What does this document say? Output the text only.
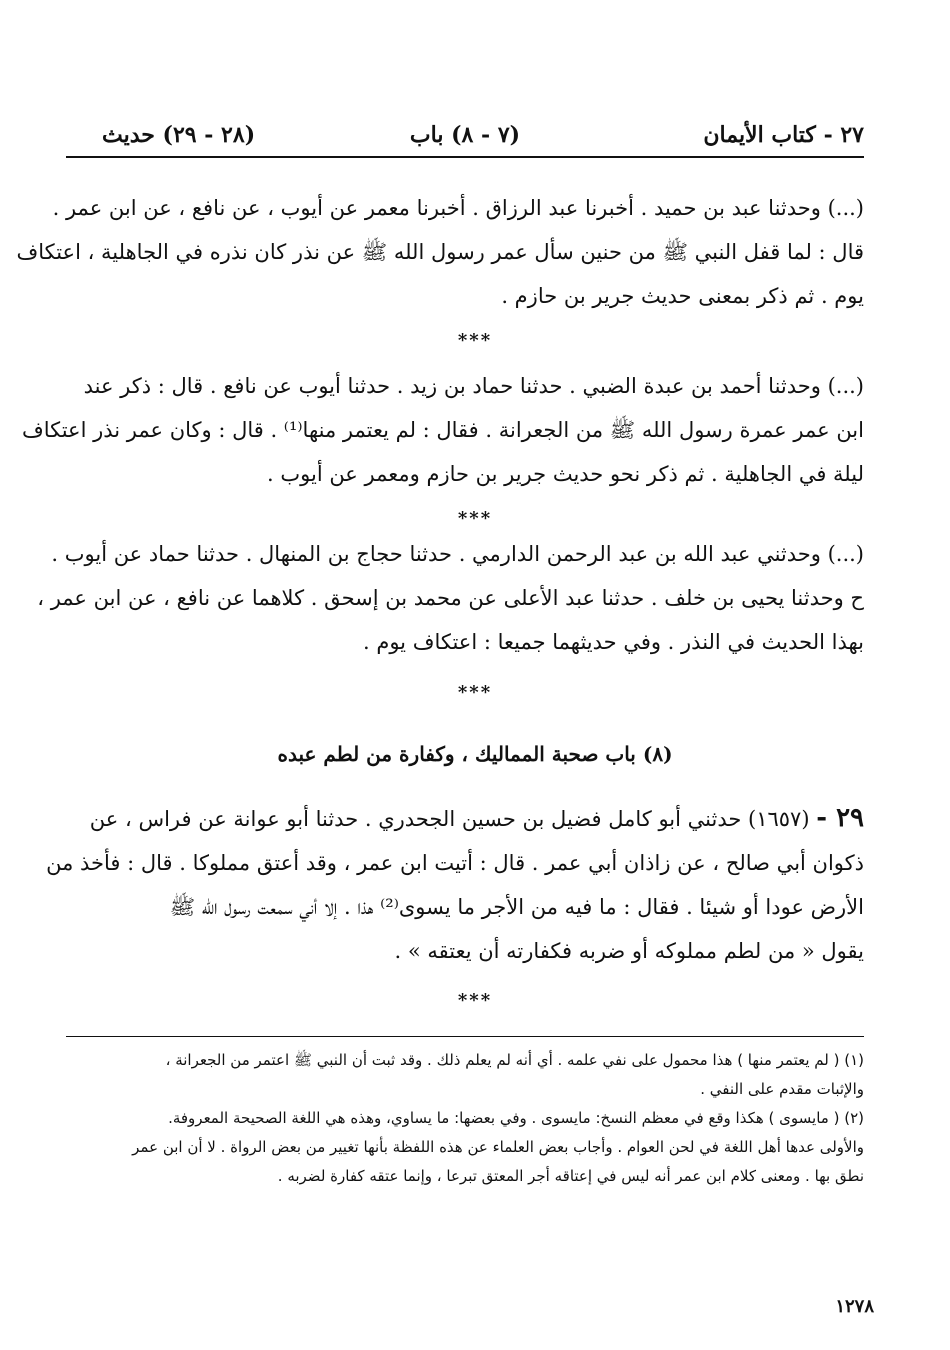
٢٧ - كتاب الأيمان
(٧ - ٨) باب
(٢٨ - ٢٩) حديث
(...) وحدثنا عبد بن حميد . أخبرنا عبد الرزاق . أخبرنا معمر عن أيوب ، عن نافع ، عن ابن عمر .
قال : لما قفل النبي ﷺ من حنين سأل عمر رسول الله ﷺ عن نذر كان نذره في الجاهلية ، اعتكاف
يوم . ثم ذكر بمعنى حديث جرير بن حازم .
***
(...) وحدثنا أحمد بن عبدة الضبي . حدثنا حماد بن زيد . حدثنا أيوب عن نافع . قال : ذكر عند
ابن عمر عمرة رسول الله ﷺ من الجعرانة . فقال : لم يعتمر منها⁽¹⁾ . قال : وكان عمر نذر اعتكاف
ليلة في الجاهلية . ثم ذكر نحو حديث جرير بن حازم ومعمر عن أيوب .
***
(...) وحدثني عبد الله بن عبد الرحمن الدارمي . حدثنا حجاج بن المنهال . حدثنا حماد عن أيوب .
ح وحدثنا يحيى بن خلف . حدثنا عبد الأعلى عن محمد بن إسحق . كلاهما عن نافع ، عن ابن عمر ،
بهذا الحديث في النذر . وفي حديثهما جميعا : اعتكاف يوم .
***
(٨) باب صحبة المماليك ، وكفارة من لطم عبده
٢٩ - (١٦٥٧) حدثني أبو كامل فضيل بن حسين الجحدري . حدثنا أبو عوانة عن فراس ، عن
ذكوان أبي صالح ، عن زاذان أبي عمر . قال : أتيت ابن عمر ، وقد أعتق مملوكا . قال : فأخذ من
الأرض عودا أو شيئا . فقال : ما فيه من الأجر ما يسوى⁽²⁾ هذا . إلا أني سمعت رسول الله ﷺ
يقول « من لطم مملوكه أو ضربه فكفارته أن يعتقه » .
***
(١) ( لم يعتمر منها ) هذا محمول على نفي علمه . أي أنه لم يعلم ذلك . وقد ثبت أن النبي ﷺ اعتمر من الجعرانة ،
والإثبات مقدم على النفي .
(٢) ( مايسوى ) هكذا وقع في معظم النسخ: مايسوى . وفي بعضها: ما يساوي، وهذه هي اللغة الصحيحة المعروفة.
والأولى عدها أهل اللغة في لحن العوام . وأجاب بعض العلماء عن هذه اللفظة بأنها تغيير من بعض الرواة . لا أن ابن عمر
نطق بها . ومعنى كلام ابن عمر أنه ليس في إعتاقه أجر المعتق تبرعا ، وإنما عتقه كفارة لضربه .
١٢٧٨
